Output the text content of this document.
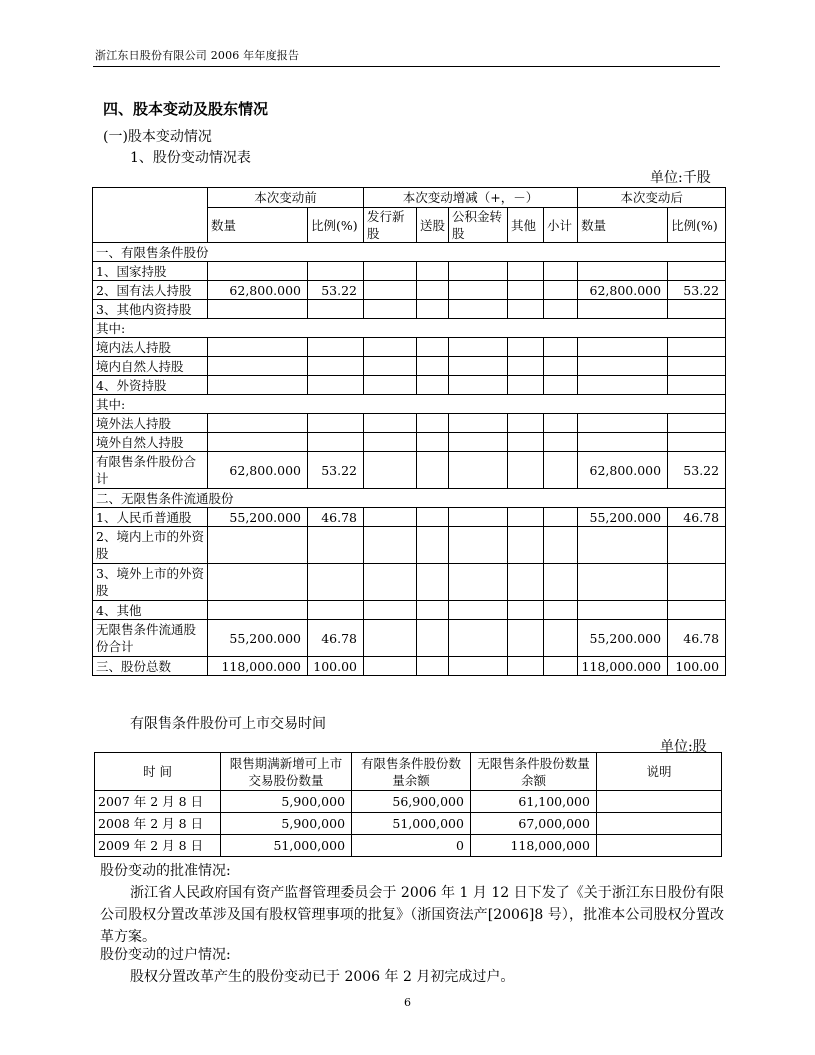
浙江东日股份有限公司 2006 年年度报告
四、股本变动及股东情况
(一)股本变动情况
1、股份变动情况表
单位:千股
	本次变动前		本次变动增减（+，－）					本次变动后	
	数量	比例(%)	发行新股	送股	公积金转股	其他	小计	数量	比例(%)
一、有限售条件股份									
1、国家持股									
2、国有法人持股	62,800.000	53.22						62,800.000	53.22
3、其他内资持股									
其中:									
境内法人持股									
境内自然人持股									
4、外资持股									
其中:									
境外法人持股									
境外自然人持股									
有限售条件股份合计	62,800.000	53.22						62,800.000	53.22
二、无限售条件流通股份									
1、人民币普通股	55,200.000	46.78						55,200.000	46.78
2、境内上市的外资股									
3、境外上市的外资股									
4、其他									
无限售条件流通股份合计	55,200.000	46.78						55,200.000	46.78
三、股份总数	118,000.000	100.00						118,000.000	100.00
有限售条件股份可上市交易时间
单位:股
时 间	限售期满新增可上市交易股份数量	有限售条件股份数量余额	无限售条件股份数量余额	说明
2007 年 2 月 8 日	5,900,000	56,900,000	61,100,000	
2008 年 2 月 8 日	5,900,000	51,000,000	67,000,000	
2009 年 2 月 8 日	51,000,000	0	118,000,000	
股份变动的批准情况:
浙江省人民政府国有资产监督管理委员会于 2006 年 1 月 12 日下发了《关于浙江东日股份有限公司股权分置改革涉及国有股权管理事项的批复》（浙国资法产[2006]8 号），批准本公司股权分置改革方案。
股份变动的过户情况:
股权分置改革产生的股份变动已于 2006 年 2 月初完成过户。
6
